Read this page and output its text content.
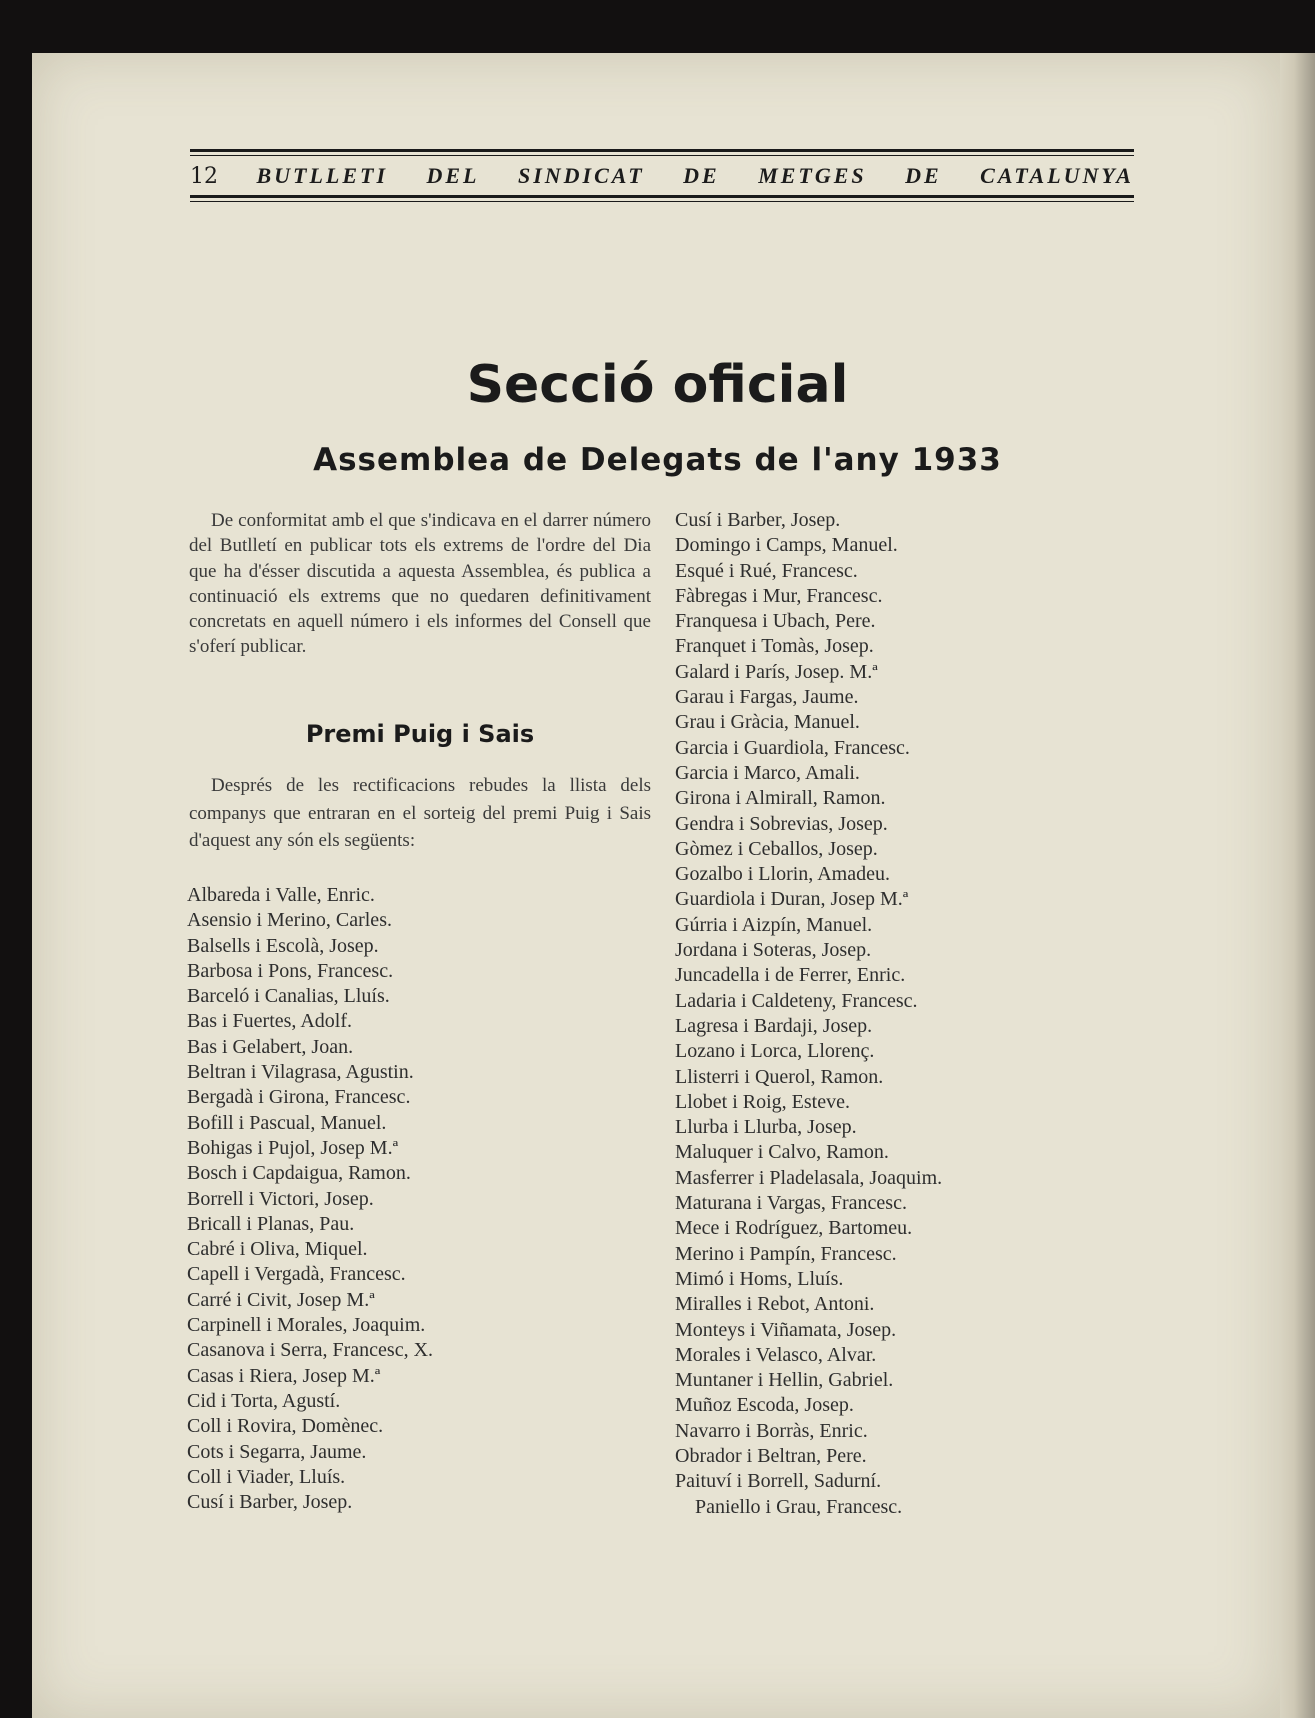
12 BUTLLETI DEL SINDICAT DE METGES DE CATALUNYA
Secció oficial
Assemblea de Delegats de l'any 1933

De conformitat amb el que s'indicava en el darrer número del Butlletí en publicar tots els extrems de l'ordre del Dia que ha d'ésser discutida a aquesta Assemblea, és publica a continuació els extrems que no quedaren definitivament concretats en aquell número i els informes del Consell que s'oferí publicar.

Premi Puig i Sais

Després de les rectificacions rebudes la llista dels companys que entraran en el sorteig del premi Puig i Sais d'aquest any són els següents:

Albareda i Valle, Enric.
Asensio i Merino, Carles.
Balsells i Escolà, Josep.
Barbosa i Pons, Francesc.
Barceló i Canalias, Lluís.
Bas i Fuertes, Adolf.
Bas i Gelabert, Joan.
Beltran i Vilagrasa, Agustin.
Bergadà i Girona, Francesc.
Bofill i Pascual, Manuel.
Bohigas i Pujol, Josep M.ª
Bosch i Capdaigua, Ramon.
Borrell i Victori, Josep.
Bricall i Planas, Pau.
Cabré i Oliva, Miquel.
Capell i Vergadà, Francesc.
Carré i Civit, Josep M.ª
Carpinell i Morales, Joaquim.
Casanova i Serra, Francesc, X.
Casas i Riera, Josep M.ª
Cid i Torta, Agustí.
Coll i Rovira, Domènec.
Cots i Segarra, Jaume.
Coll i Viader, Lluís.
Cusí i Barber, Josep.
Cusí i Barber, Josep.
Domingo i Camps, Manuel.
Esqué i Rué, Francesc.
Fàbregas i Mur, Francesc.
Franquesa i Ubach, Pere.
Franquet i Tomàs, Josep.
Galard i París, Josep. M.ª
Garau i Fargas, Jaume.
Grau i Gràcia, Manuel.
Garcia i Guardiola, Francesc.
Garcia i Marco, Amali.
Girona i Almirall, Ramon.
Gendra i Sobrevias, Josep.
Gòmez i Ceballos, Josep.
Gozalbo i Llorin, Amadeu.
Guardiola i Duran, Josep M.ª
Gúrria i Aizpín, Manuel.
Jordana i Soteras, Josep.
Juncadella i de Ferrer, Enric.
Ladaria i Caldeteny, Francesc.
Lagresa i Bardaji, Josep.
Lozano i Lorca, Llorenç.
Llisterri i Querol, Ramon.
Llobet i Roig, Esteve.
Llurba i Llurba, Josep.
Maluquer i Calvo, Ramon.
Masferrer i Pladelasala, Joaquim.
Maturana i Vargas, Francesc.
Mece i Rodríguez, Bartomeu.
Merino i Pampín, Francesc.
Mimó i Homs, Lluís.
Miralles i Rebot, Antoni.
Monteys i Viñamata, Josep.
Morales i Velasco, Alvar.
Muntaner i Hellin, Gabriel.
Muñoz Escoda, Josep.
Navarro i Borràs, Enric.
Obrador i Beltran, Pere.
Paituví i Borrell, Sadurní.
Paniello i Grau, Francesc.
